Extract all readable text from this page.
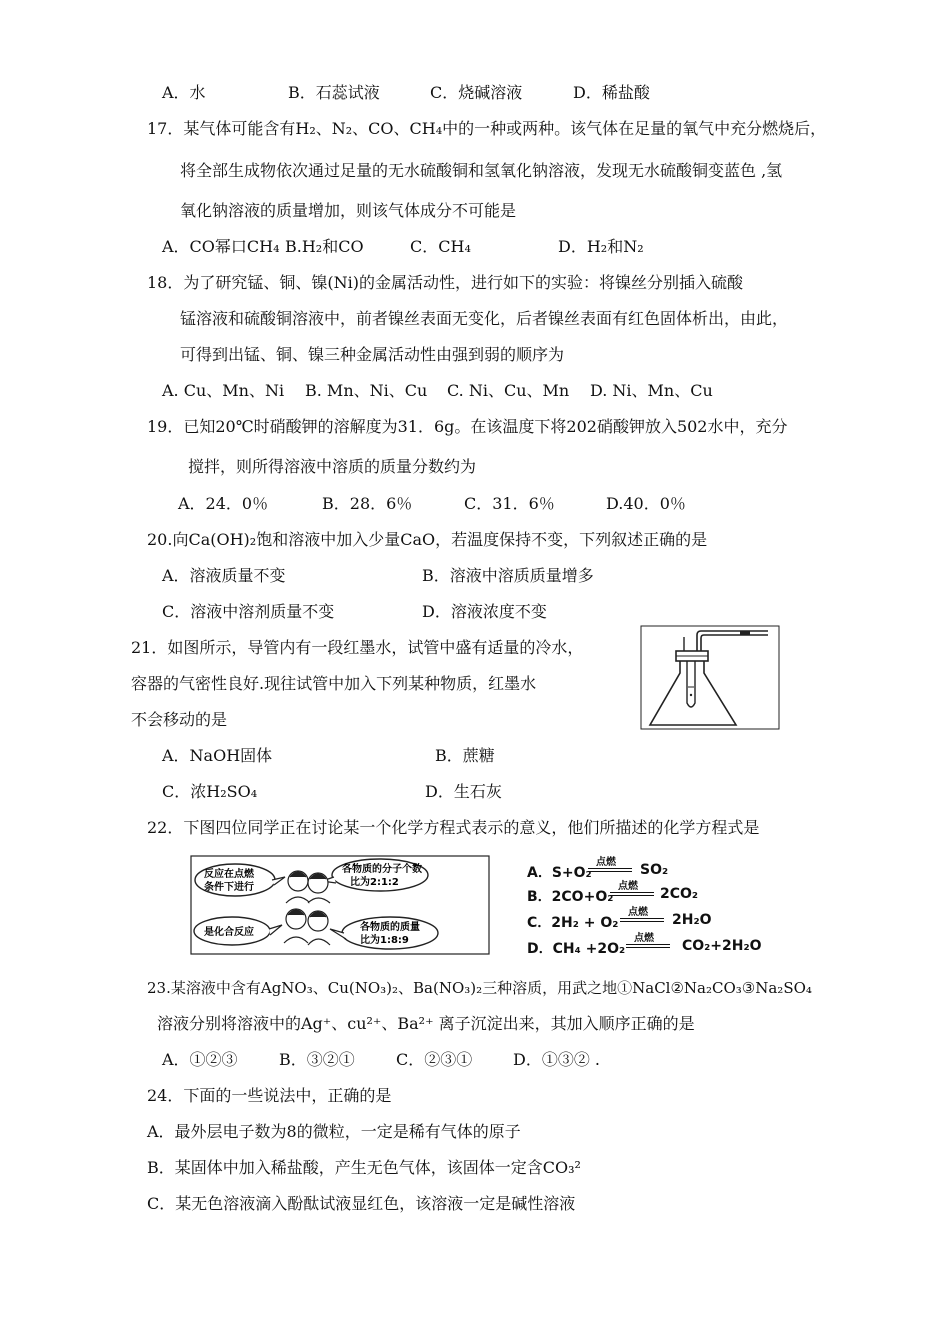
A．水	B．石蕊试液	C．烧碱溶液	D．稀盐酸
17．某气体可能含有H₂、N₂、CO、CH₄中的一种或两种。该气体在足量的氧气中充分燃烧后，
将全部生成物依次通过足量的无水硫酸铜和氢氧化钠溶液，发现无水硫酸铜变蓝色 ,氢
氧化钠溶液的质量增加，则该气体成分不可能是
A．CO幂口CH₄ B.H₂和CO	C．CH₄	D．H₂和N₂
18．为了研究锰、铜、镍(Ni)的金属活动性，进行如下的实验：将镍丝分别插入硫酸
锰溶液和硫酸铜溶液中，前者镍丝表面无变化，后者镍丝表面有红色固体析出，由此，
可得到出锰、铜、镍三种金属活动性由强到弱的顺序为
A. Cu、Mn、Ni B. Mn、Ni、Cu C. Ni、Cu、Mn D. Ni、Mn、Cu
19．已知20℃时硝酸钾的溶解度为31．6g。在该温度下将202硝酸钾放入502水中，充分
搅拌，则所得溶液中溶质的质量分数约为
A．24．0％	B．28．6％	C．31．6％	D.40．0％
20.向Ca(OH)₂饱和溶液中加入少量CaO，若温度保持不变，下列叙述正确的是
A．溶液质量不变	B．溶液中溶质质量增多
C．溶液中溶剂质量不变	D．溶液浓度不变
21．如图所示，导管内有一段红墨水，试管中盛有适量的冷水，
容器的气密性良好.现往试管中加入下列某种物质，红墨水
不会移动的是
A．NaOH固体	B．蔗糖
C．浓H₂SO₄	D．生石灰
22．下图四位同学正在讨论某一个化学方程式表示的意义，他们所描述的化学方程式是
反应在点燃
条件下进行
各物质的分子个数
比为2:1:2
是化合反应	各物质的质量
比为1:8:9
A．S+O₂
点燃 SO₂
B．2CO+O₂
点燃 2CO₂
C．2H₂ + O₂
点燃 2H₂O
D．CH₄ +2O₂
点燃 CO₂+2H₂O
23.某溶液中含有AgNO₃、Cu(NO₃)₂、Ba(NO₃)₂三种溶质，用武之地①NaCl②Na₂CO₃③Na₂SO₄
溶液分别将溶液中的Ag⁺、cu²⁺、Ba²⁺ 离子沉淀出来，其加入顺序正确的是
A．①②③	B．③②①	C．②③①	D．①③② .
24．下面的一些说法中，正确的是
A．最外层电子数为8的微粒，一定是稀有气体的原子
B．某固体中加入稀盐酸，产生无色气体，该固体一定含CO₃²
C．某无色溶液滴入酚酞试液显红色，该溶液一定是碱性溶液
